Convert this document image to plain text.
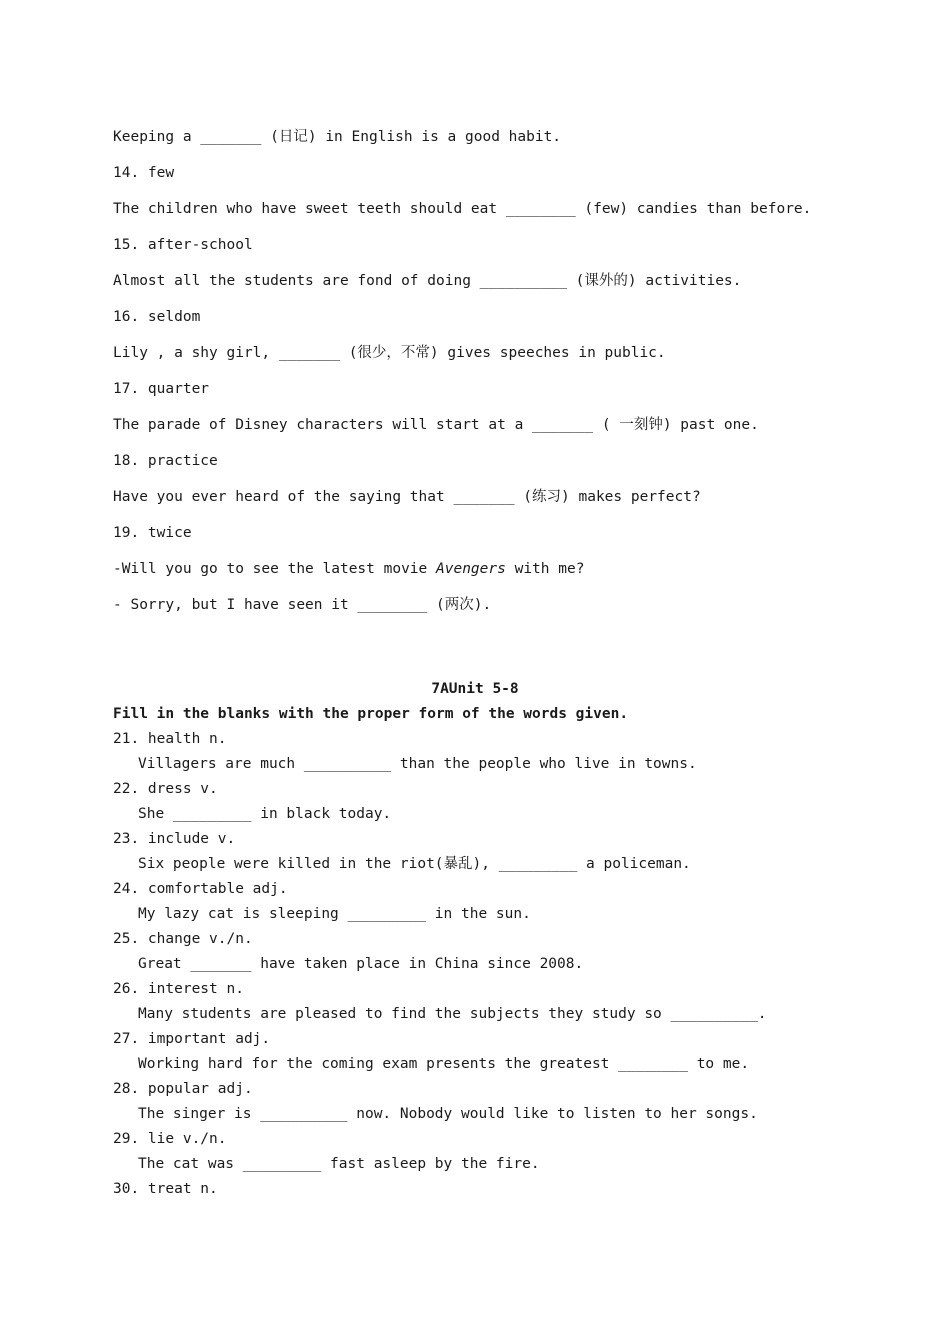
Keeping a _______ (日记) in English is a good habit.
14. few
The children who have sweet teeth should eat ________ (few) candies than before.
15. after-school
Almost all the students are fond of doing __________ (课外的) activities.
16. seldom
Lily , a shy girl, _______ (很少，不常) gives speeches in public.
17. quarter
The parade of Disney characters will start at a _______ ( 一刻钟) past one.
18. practice
Have you ever heard of the saying that _______ (练习) makes perfect?
19. twice
-Will you go to see the latest movie Avengers with me?
- Sorry, but I have seen it ________ (两次).
7AUnit 5-8
Fill in the blanks with the proper form of the words given.
21. health n.
Villagers are much __________ than the people who live in towns.
22. dress v.
She _________ in black today.
23. include v.
Six people were killed in the riot(暴乱), _________ a policeman.
24. comfortable adj.
My lazy cat is sleeping _________ in the sun.
25. change v./n.
Great _______ have taken place in China since 2008.
26. interest n.
Many students are pleased to find the subjects they study so __________.
27. important adj.
Working hard for the coming exam presents the greatest ________ to me.
28. popular adj.
The singer is __________ now. Nobody would like to listen to her songs.
29. lie v./n.
The cat was _________ fast asleep by the fire.
30. treat n.
